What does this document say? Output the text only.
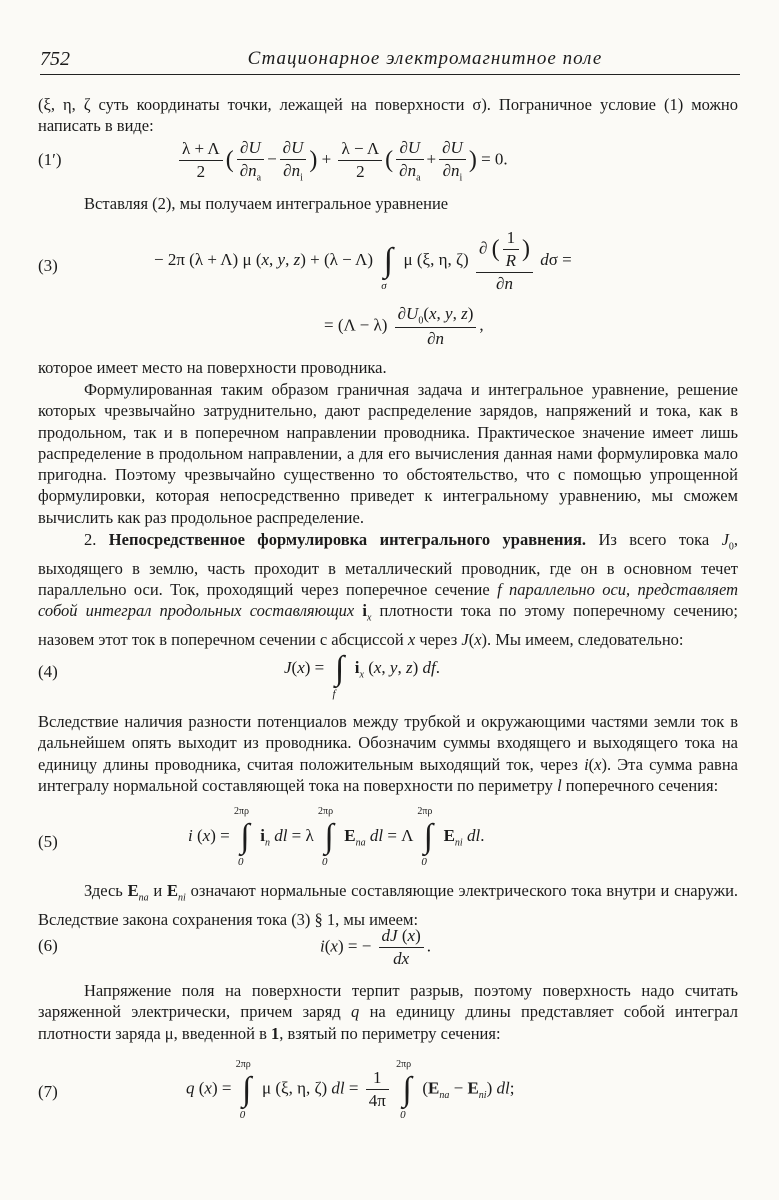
752	Стационарное электромагнитное поле
(ξ, η, ζ суть координаты точки, лежащей на поверхности σ). Пограничное условие (1) можно написать в виде:
(1′)	$\frac{\lambda + \Lambda}{2}$ ( $\frac{\partial U}{\partial n_a} - \frac{\partial U}{\partial n_i}$ ) + $\frac{\lambda - \Lambda}{2}$ ( $\frac{\partial U}{\partial n_a} + \frac{\partial U}{\partial n_i}$ ) = 0.
Вставляя (2), мы получаем интегральное уравнение
(3)	− 2π (λ + Λ) μ (x, y, z) + (λ − Λ) ∫
σ
μ (ξ, η, $\zeta) \frac{\partial ( \frac{1}{R} )}{\partial n}$ dσ =
= $(\Lambda - \lambda) \frac{\partial U_0(x, y, z)}{\partial n}$ ,
которое имеет место на поверхности проводника.
Формулированная таким образом граничная задача и интегральное уравнение, решение которых чрезвычайно затруднительно, дают распределение зарядов, напряжений и тока, как в продольном, так и в поперечном направлении проводника. Практическое значение имеет лишь распределение в продольном направлении, а для его вычисления данная нами формулировка мало пригодна. Поэтому чрезвычайно существенно то обстоятельство, что с помощью упрощенной формулировки, которая непосредственно приведет к интегральному уравнению, мы сможем вычислить как раз продольное распределение.
2. Непосредственное формулировка интегрального уравнения. Из всего тока $J_0$, выходящего в землю, часть проходит в металлический проводник, где он в основном течет параллельно оси. Ток, проходящий через поперечное сечение f параллельно оси, представляет собой интеграл продольных составляющих $i_x$ плотности тока по этому поперечному сечению; назовем этот ток в поперечном сечении с абсциссой x через J(x). Мы имеем, следовательно:
(4)	J(x) = ∫
f
$i_x$ (x, y, z) df.
Вследствие наличия разности потенциалов между трубкой и окружающими частями земли ток в дальнейшем опять выходит из проводника. Обозначим суммы входящего и выходящего тока на единицу длины проводника, считая положительным выходящий ток, через i(x). Эта сумма равна интегралу нормальной составляющей тока на поверхности по периметру l поперечного сечения:
(5)	i (x) = ∫
2πρ
0
$i_n$ dl = λ ∫
2πρ
0
$E_{na}$ dl = Λ ∫
2πρ
0
$E_{ni}$ dl.
Здесь $E_{na}$ и $E_{ni}$ означают нормальные составляющие электрического тока внутри и снаружи. Вследствие закона сохранения тока (3) § 1, мы имеем:
(6)	i(x) = − $\frac{dJ (x)}{dx}$ .
Напряжение поля на поверхности терпит разрыв, поэтому поверхность надо считать заряженной электрически, причем заряд q на единицу длины представляет собой интеграл плотности заряда μ, введенной в 1, взятый по периметру сечения:
(7)	q (x) = ∫
2πρ
0
μ (ξ, η, ζ) dl = $\frac{1}{4\pi}$ ∫
2πρ
0
$(E_{na} - E_{ni})$ dl;
